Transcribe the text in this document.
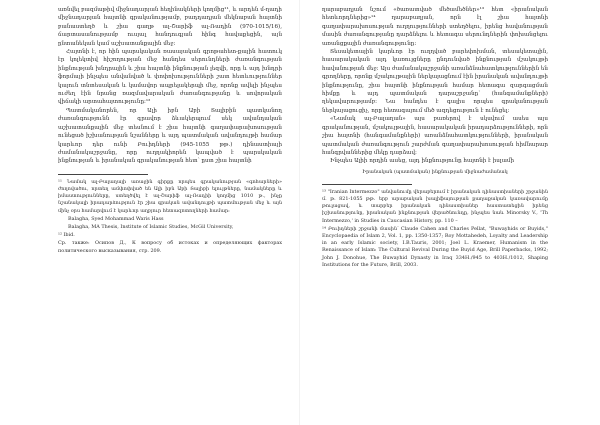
առնվել բազմաթիվ միջնադարյան հեղինակների կողմից¹¹, և արդեն մ-ղադի միջնադարյան հայտնի գրականությամբ, բադդադյան մեկնաբան հայտնի բանաստեղծ և շիա գաղթ ալ-Շարիֆ ալ-Ռադին (970-1015/16), ճարտասանությամբ ուսյալ հանդուգյան հինգ հավաքեցին, այն ընտանեկան կամ աշխատանքային մեջ:

Հայտնի է, որ հին պարսկական ռասայական գրոթահետ-քային հատուկ էր կոլեկտիվ հիշողության մեջ հանդես սերունդների ժառանգության ինքնության խնդրային և շիա հայտնի ինքնության լեզվի, որը և այդ խնդրի ֆորմայի ինչպես անվանված և փոփոխությունների շատ հետևություններ կայուն տնտեսական և կամավոր ապրելակերպի մեջ, որոնք ավելի ինչպես ուժեղ էին նրանց ռազմավարական ժառանգությանը և սովորական վիճակի արտահայտությունը:¹²

Պատմականորեն, որ Ալի իբն Աբի Տալիբին պատկանող ժառանգությունն էր գրավոր ձևակերպում սեկ ավանդական աշխատանքային մեջ տեսնում է շիա հայտնի գաղափարախոսության ունեցած իշխանության նշանները և այդ պատմական ավանդույթի համար կարևոր դեր ունի Բուիդների (945-1055 թթ.) դինաստիայի ժամանակաշրջանը, որը ուղղակիորեն կապված է պարսկական ինքնության և իրանական գրականության հետ՝ ըստ շիա հայտնի

¹¹ Նամակ ալ-Բալաղայի առաջին գիրքը որպես գրականության «գոհարների» ժողովածու, որտեղ ամփոփված են Ալի իբն Աբի Տալիբի ելույթները, նամակները և իմաստությունները, ստեղծվել է ալ-Շարիֆ ալ-Ռադիի կողմից 1010 թ., ինչը նշանակալի իրադարձություն էր շիա գրական ավանդույթի պատմության մեջ և այն մինչ օրս համարվում է կարևոր աղբյուր հետազոտողների համար:

Balagha, Syed Mohammad Waris Hass

Balagha, MA Thesis, Institute of Islamic Studies, McGil University,

¹² Ibid.

Ср. также: Осипов Д., К вопросу об истоках и определяющих факторах политического высказывания, стр. 209.

ղարաբաղյան նշում «ծառատված մեծամեծներ»¹³ հետ «իրանական հետևորդներից»¹⁴ ղարաբաղյան, որն էլ շիա հայտնի գաղափարախոսության ուղղությունների ստեղծելու, իրենց հավանության մասին ժառանգությանը դարձնելու և հետագա սերունդներին փոխանցելու առանցքային ժառանգությունը:

Տեսակետային կարևոր էր ուղղված բարեփոխման, տեսակետային, հասարակական այդ կառույցները ընդունված ինքնության մշակույթի հավանության մեջ: Այս ժամանակաշրջանի առանձնահատկություններին են գրողները, որոնք մշակույթային ներկայացնում էին իրանական ավանդույթի ինքնությունը, շիա հայտնի ինքնության համար հետագա զարգացման հիմքը և այդ պատմական դարաշրջանը՝ (հանգամանքների) ղեկավարությամբ: Նա հանդես է գալիս որպես գրականության ներկայացուցիչ, որը հետագայում մեծ ազդեցություն է ունեցել:

«Նամակ ալ-Բալաղան» այս բառերով է սկսվում ասես այս գրականության, մշակույթային, հասարակական իրադարձությունների, որն շիա հայտնի (հանգամանքների) առանձնահատկությունների, իրանական պատմական ժառանգություն շարժման գաղափարախոսության հիմնարար հանգրվաններից մեկը դարձավ:

Ինչպես Ալիի որդին ասեց, այդ ինքնությունը հայտնի է իսլամի

Իրանական (պատմական) ինքնության միջնաժամանակ

¹³ "Iranian Intermezzo" անվանումը վերաբերում է իրանական դինաստիաների շրջանին մ. թ. 821-1055 թթ. երբ արաբական խալիֆայության քաղաքական կառավարումը թուլացավ, և տարբեր իրանական դինաստիաներ հաստատեցին իրենց իշխանությունը, իրանական ինքնության վերածնունդը, ինչպես նաև Minorsky V., 'Th Intermezzo,' in Studies in Caucasian History, pp. 110 –

¹⁴ Բուիդների շրջանի մասին՝ Claude Cahen and Charles Pellat, "Buwayhids or Buyids," Encyclopaedia of Islam 2, Vol. 1, pp. 1350-1357; Roy Mottahedeh, Loyalty and Leadership in an early Islamic society, I.B.Tauris, 2001; Joel L. Kraemer, Humanism in the Renaissance of Islam: The Cultural Revival During the Buyid Age, Brill Paperbacks, 1992; John J. Donohue, The Buwayhid Dynasty in Iraq 334H./945 to 403H./1012, Shaping Institutions for the Future, Brill, 2003.
